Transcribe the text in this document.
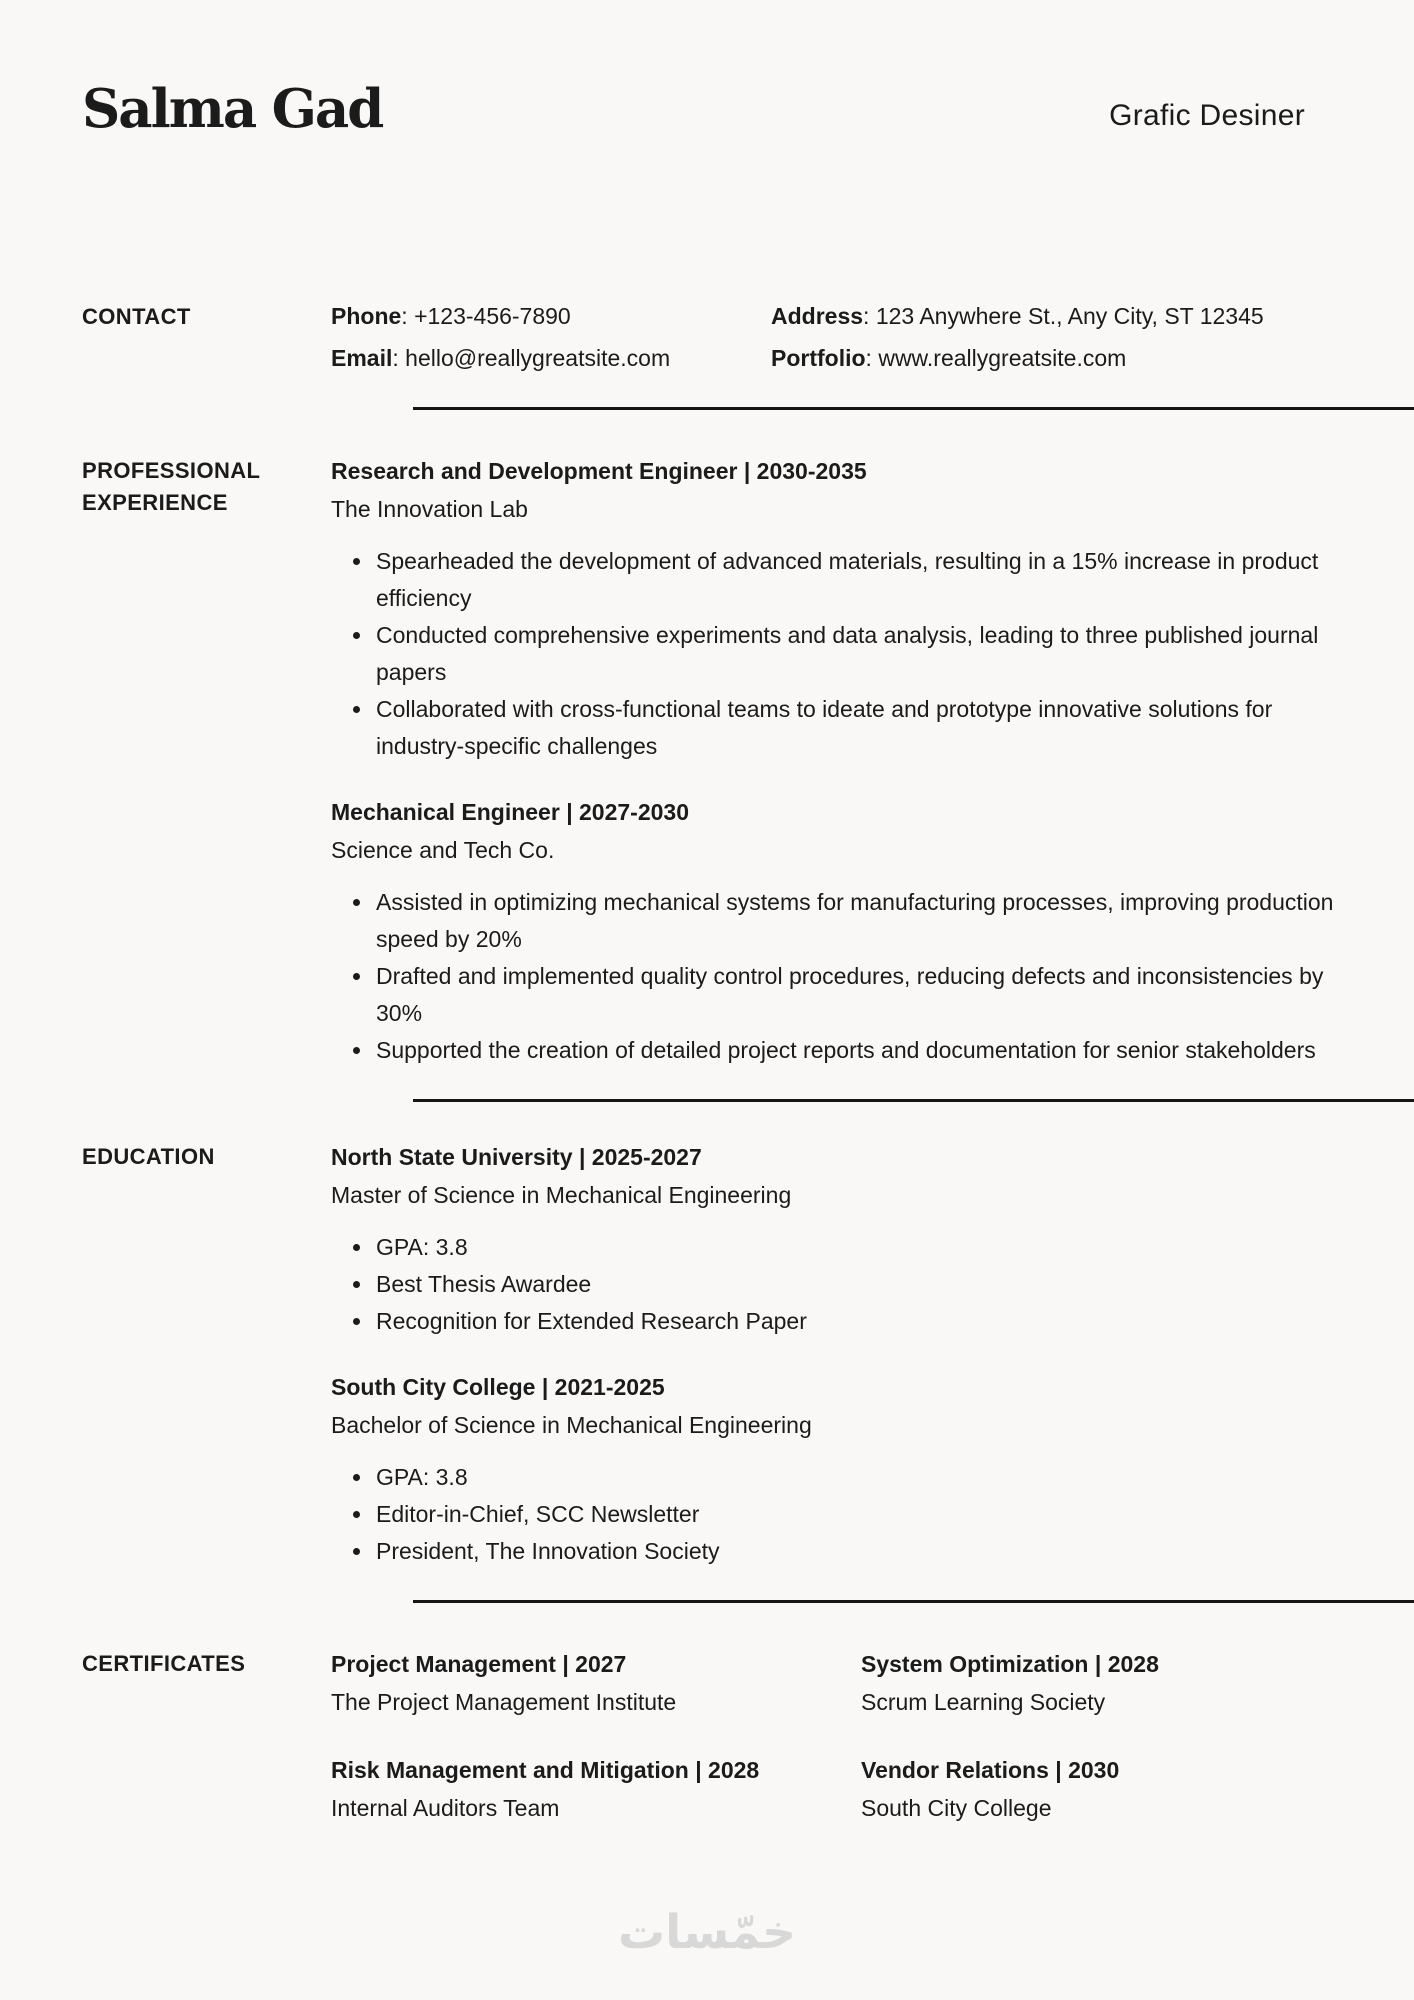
Salma Gad	Grafic Desiner
CONTACT	Phone: +123-456-7890	Address: 123 Anywhere St., Any City, ST 12345
Email: hello@reallygreatsite.com	Portfolio: www.reallygreatsite.com
PROFESSIONAL EXPERIENCE
Research and Development Engineer | 2030-2035
The Innovation Lab
• Spearheaded the development of advanced materials, resulting in a 15% increase in product efficiency
• Conducted comprehensive experiments and data analysis, leading to three published journal papers
• Collaborated with cross-functional teams to ideate and prototype innovative solutions for industry-specific challenges
Mechanical Engineer | 2027-2030
Science and Tech Co.
• Assisted in optimizing mechanical systems for manufacturing processes, improving production speed by 20%
• Drafted and implemented quality control procedures, reducing defects and inconsistencies by 30%
• Supported the creation of detailed project reports and documentation for senior stakeholders
EDUCATION	North State University | 2025-2027
Master of Science in Mechanical Engineering
• GPA: 3.8
• Best Thesis Awardee
• Recognition for Extended Research Paper
South City College | 2021-2025
Bachelor of Science in Mechanical Engineering
• GPA: 3.8
• Editor-in-Chief, SCC Newsletter
• President, The Innovation Society
CERTIFICATES	Project Management | 2027
The Project Management Institute
System Optimization | 2028
Scrum Learning Society
Risk Management and Mitigation | 2028
Internal Auditors Team
Vendor Relations | 2030
South City College
خمّسات
